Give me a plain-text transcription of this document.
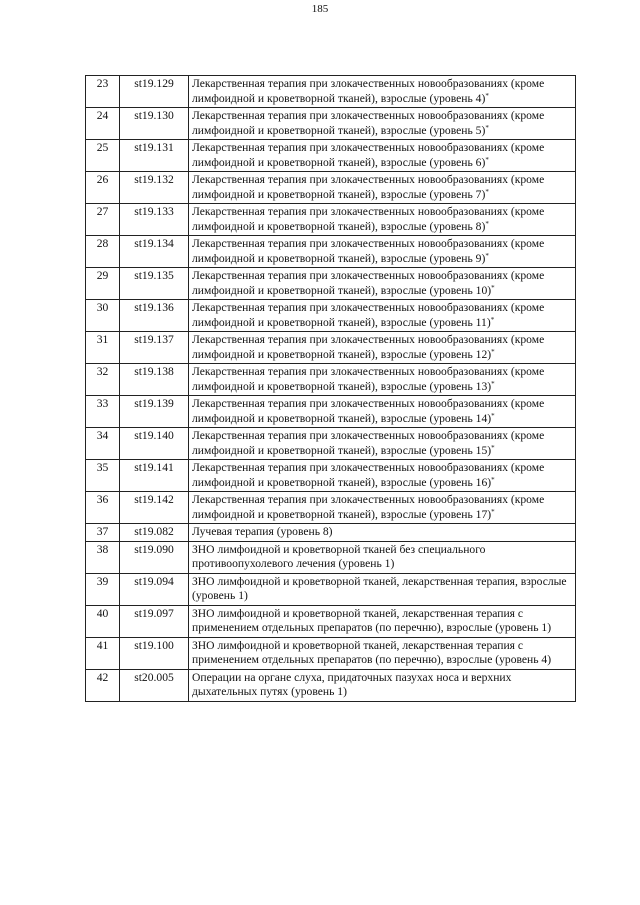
185
23	st19.129	Лекарственная терапия при злокачественных новообразованиях (кроме лимфоидной и кроветворной тканей), взрослые (уровень 4)*
24	st19.130	Лекарственная терапия при злокачественных новообразованиях (кроме лимфоидной и кроветворной тканей), взрослые (уровень 5)*
25	st19.131	Лекарственная терапия при злокачественных новообразованиях (кроме лимфоидной и кроветворной тканей), взрослые (уровень 6)*
26	st19.132	Лекарственная терапия при злокачественных новообразованиях (кроме лимфоидной и кроветворной тканей), взрослые (уровень 7)*
27	st19.133	Лекарственная терапия при злокачественных новообразованиях (кроме лимфоидной и кроветворной тканей), взрослые (уровень 8)*
28	st19.134	Лекарственная терапия при злокачественных новообразованиях (кроме лимфоидной и кроветворной тканей), взрослые (уровень 9)*
29	st19.135	Лекарственная терапия при злокачественных новообразованиях (кроме лимфоидной и кроветворной тканей), взрослые (уровень 10)*
30	st19.136	Лекарственная терапия при злокачественных новообразованиях (кроме лимфоидной и кроветворной тканей), взрослые (уровень 11)*
31	st19.137	Лекарственная терапия при злокачественных новообразованиях (кроме лимфоидной и кроветворной тканей), взрослые (уровень 12)*
32	st19.138	Лекарственная терапия при злокачественных новообразованиях (кроме лимфоидной и кроветворной тканей), взрослые (уровень 13)*
33	st19.139	Лекарственная терапия при злокачественных новообразованиях (кроме лимфоидной и кроветворной тканей), взрослые (уровень 14)*
34	st19.140	Лекарственная терапия при злокачественных новообразованиях (кроме лимфоидной и кроветворной тканей), взрослые (уровень 15)*
35	st19.141	Лекарственная терапия при злокачественных новообразованиях (кроме лимфоидной и кроветворной тканей), взрослые (уровень 16)*
36	st19.142	Лекарственная терапия при злокачественных новообразованиях (кроме лимфоидной и кроветворной тканей), взрослые (уровень 17)*
37	st19.082	Лучевая терапия (уровень 8)
38	st19.090	ЗНО лимфоидной и кроветворной тканей без специального противоопухолевого лечения (уровень 1)
39	st19.094	ЗНО лимфоидной и кроветворной тканей, лекарственная терапия, взрослые (уровень 1)
40	st19.097	ЗНО лимфоидной и кроветворной тканей, лекарственная терапия с применением отдельных препаратов (по перечню), взрослые (уровень 1)
41	st19.100	ЗНО лимфоидной и кроветворной тканей, лекарственная терапия с применением отдельных препаратов (по перечню), взрослые (уровень 4)
42	st20.005	Операции на органе слуха, придаточных пазухах носа и верхних дыхательных путях (уровень 1)
